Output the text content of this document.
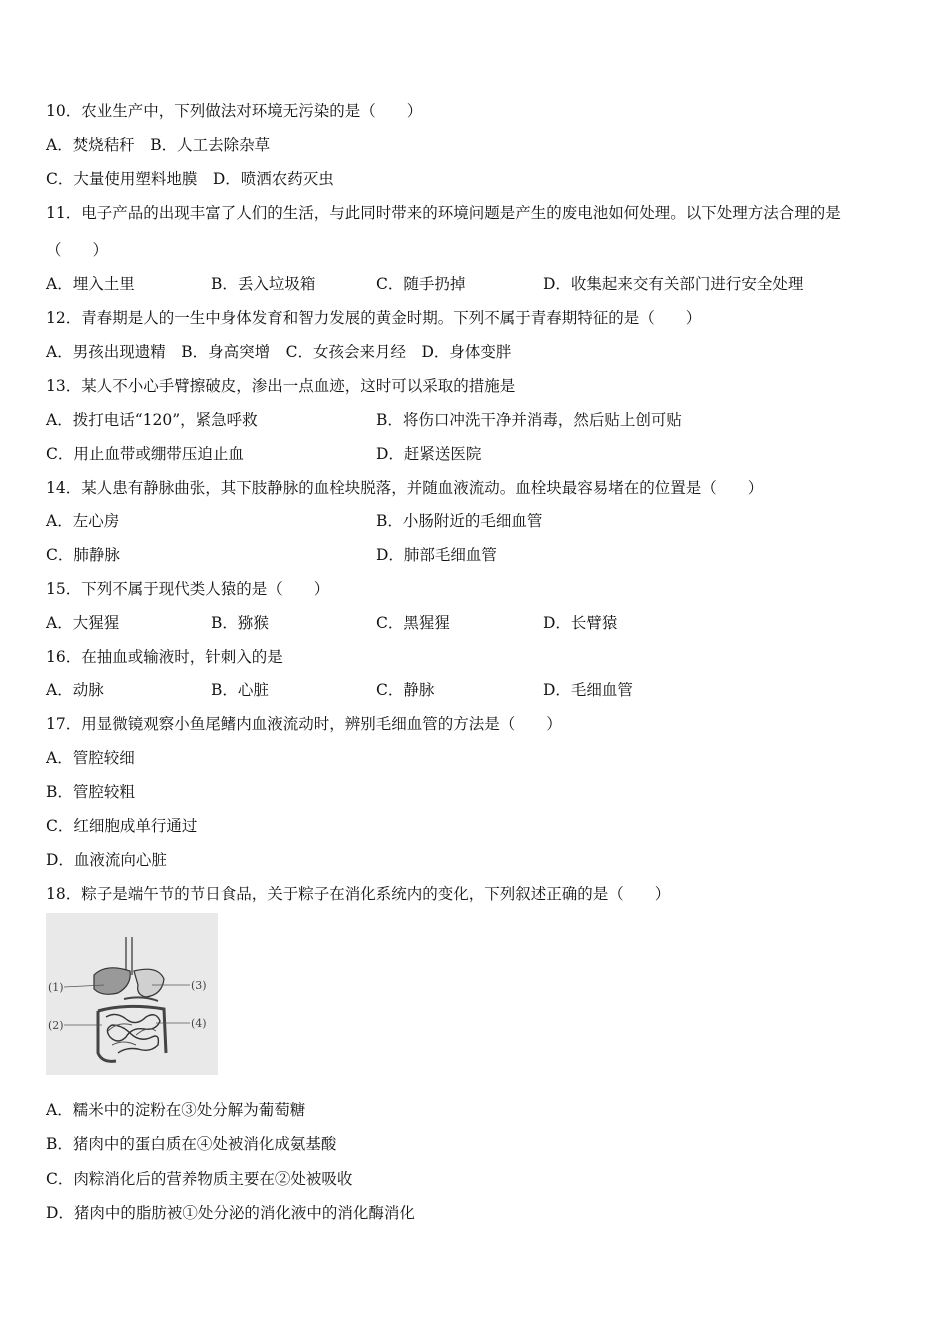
10．农业生产中，下列做法对环境无污染的是（　　）
A．焚烧秸秆　B．人工去除杂草
C．大量使用塑料地膜　D．喷洒农药灭虫
11．电子产品的出现丰富了人们的生活，与此同时带来的环境问题是产生的废电池如何处理。以下处理方法合理的是
（　　）
A．埋入土里	B．丢入垃圾箱	C．随手扔掉	D．收集起来交有关部门进行安全处理
12．青春期是人的一生中身体发育和智力发展的黄金时期。下列不属于青春期特征的是（　　）
A．男孩出现遗精　B．身高突增　C．女孩会来月经　D．身体变胖
13．某人不小心手臂擦破皮，渗出一点血迹，这时可以采取的措施是
A．拨打电话“120”，紧急呼救	B．将伤口冲洗干净并消毒，然后贴上创可贴
C．用止血带或绷带压迫止血	D．赶紧送医院
14．某人患有静脉曲张，其下肢静脉的血栓块脱落，并随血液流动。血栓块最容易堵在的位置是（　　）
A．左心房	B．小肠附近的毛细血管
C．肺静脉	D．肺部毛细血管
15．下列不属于现代类人猿的是（　　）
A．大猩猩	B．猕猴	C．黑猩猩	D．长臂猿
16．在抽血或输液时，针刺入的是
A．动脉	B．心脏	C．静脉	D．毛细血管
17．用显微镜观察小鱼尾鳍内血液流动时，辨别毛细血管的方法是（　　）
A．管腔较细
B．管腔较粗
C．红细胞成单行通过
D．血液流向心脏
18．粽子是端午节的节日食品，关于粽子在消化系统内的变化，下列叙述正确的是（　　）
(1)
(2)
(3)
(4)
A．糯米中的淀粉在③处分解为葡萄糖
B．猪肉中的蛋白质在④处被消化成氨基酸
C．肉粽消化后的营养物质主要在②处被吸收
D．猪肉中的脂肪被①处分泌的消化液中的消化酶消化
